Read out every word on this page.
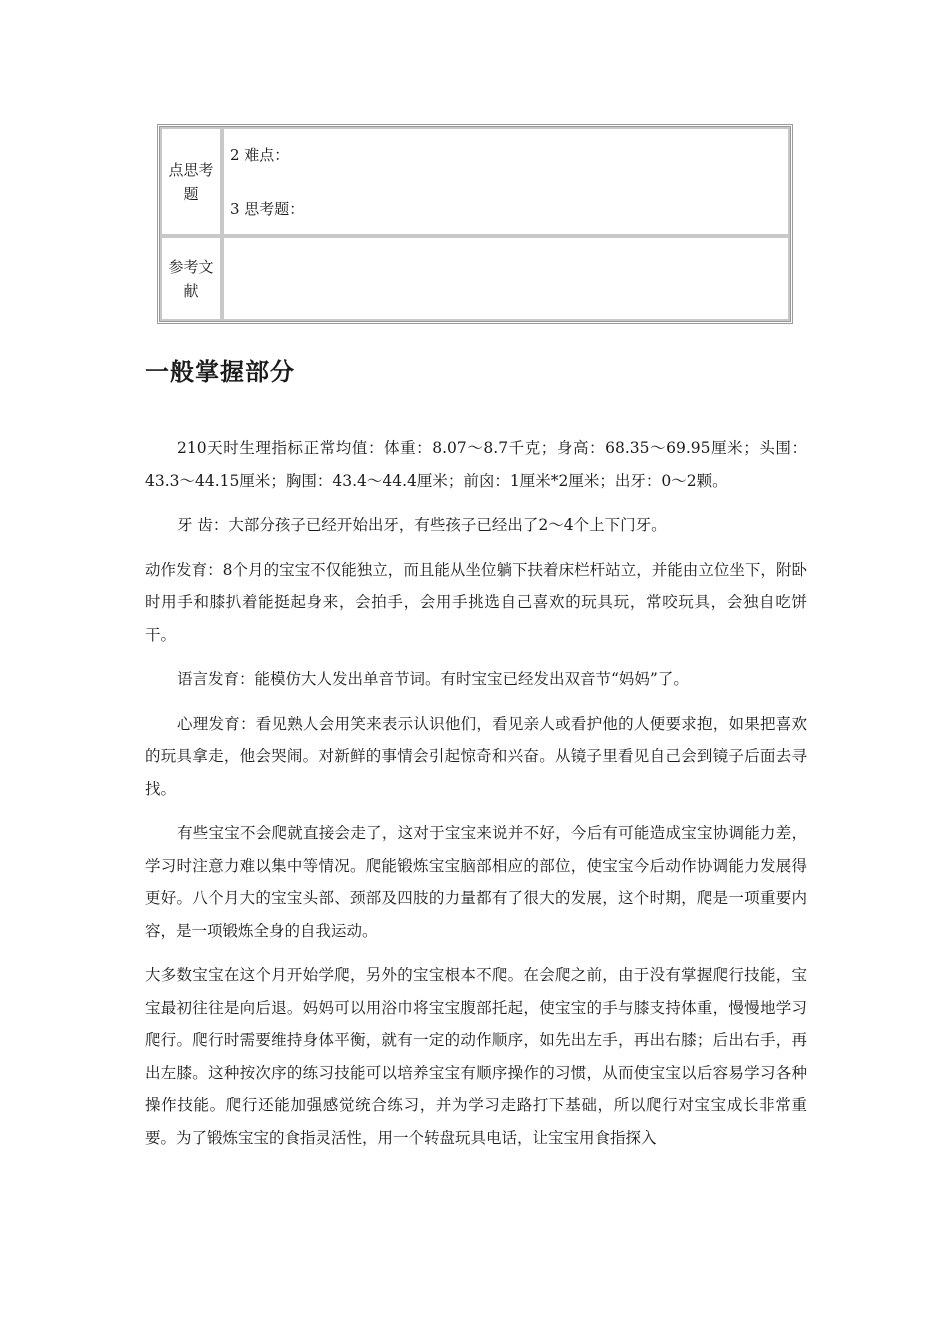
点思考题	2 难点：

3 思考题：

参考文献	
一般掌握部分

210天时生理指标正常均值：体重：8.07～8.7千克；身高：68.35～69.95厘米；头围：43.3～44.15厘米；胸围：43.4～44.4厘米；前囟：1厘米*2厘米；出牙：0～2颗。

牙 齿：大部分孩子已经开始出牙，有些孩子已经出了2～4个上下门牙。

动作发育：8个月的宝宝不仅能独立，而且能从坐位躺下扶着床栏杆站立，并能由立位坐下，附卧时用手和膝扒着能挺起身来，会拍手，会用手挑选自己喜欢的玩具玩，常咬玩具，会独自吃饼干。

语言发育：能模仿大人发出单音节词。有时宝宝已经发出双音节“妈妈”了。

心理发育：看见熟人会用笑来表示认识他们，看见亲人或看护他的人便要求抱，如果把喜欢的玩具拿走，他会哭闹。对新鲜的事情会引起惊奇和兴奋。从镜子里看见自己会到镜子后面去寻找。

有些宝宝不会爬就直接会走了，这对于宝宝来说并不好，今后有可能造成宝宝协调能力差，学习时注意力难以集中等情况。爬能锻炼宝宝脑部相应的部位，使宝宝今后动作协调能力发展得更好。八个月大的宝宝头部、颈部及四肢的力量都有了很大的发展，这个时期，爬是一项重要内容，是一项锻炼全身的自我运动。

大多数宝宝在这个月开始学爬，另外的宝宝根本不爬。在会爬之前，由于没有掌握爬行技能，宝宝最初往往是向后退。妈妈可以用浴巾将宝宝腹部托起，使宝宝的手与膝支持体重，慢慢地学习爬行。爬行时需要维持身体平衡，就有一定的动作顺序，如先出左手，再出右膝；后出右手，再出左膝。这种按次序的练习技能可以培养宝宝有顺序操作的习惯，从而使宝宝以后容易学习各种操作技能。爬行还能加强感觉统合练习，并为学习走路打下基础，所以爬行对宝宝成长非常重要。为了锻炼宝宝的食指灵活性，用一个转盘玩具电话，让宝宝用食指探入
